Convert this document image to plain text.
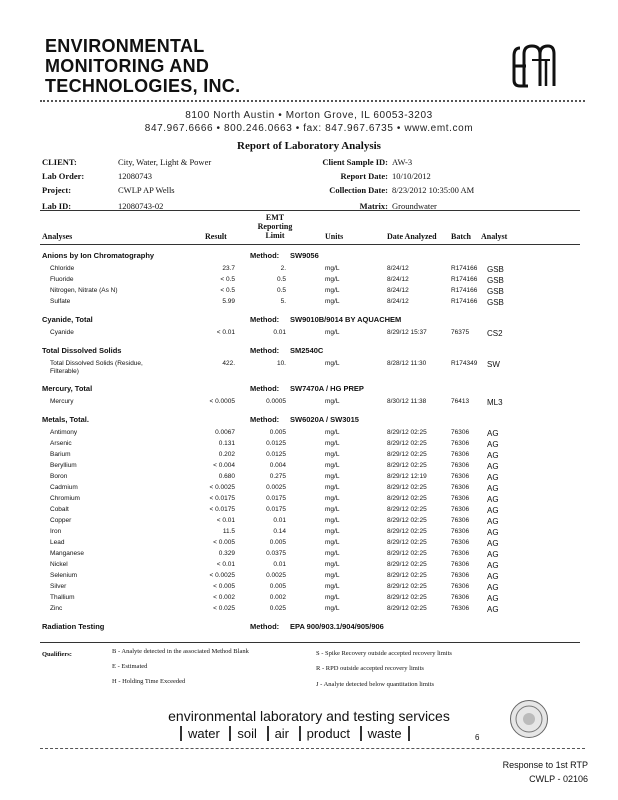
ENVIRONMENTAL
MONITORING AND
TECHNOLOGIES, INC.
8100 North Austin • Morton Grove, IL 60053-3203
847.967.6666 • 800.246.0663 • fax: 847.967.6735 • www.emt.com
Report of Laboratory Analysis
CLIENT:	City, Water, Light & Power
Lab Order:	12080743
Project:	CWLP AP Wells
Lab ID:	12080743-02
Client Sample ID: AW-3
Report Date: 10/10/2012
Collection Date: 8/23/2012 10:35:00 AM
Matrix: Groundwater
Analyses	Result
EMT
Reporting
Limit	Units	Date Analyzed Batch Analyst
Anions by Ion Chromatography	Method: SW9056
Chloride	23.7	2.	mg/L	8/24/12	R174166 GSB
Fluoride	< 0.5	0.5	mg/L	8/24/12	R174166 GSB
Nitrogen, Nitrate (As N)	< 0.5	0.5	mg/L	8/24/12	R174166 GSB
Sulfate	5.99	5.	mg/L	8/24/12	R174166 GSB
Cyanide, Total	Method: SW9010B/9014 BY AQUACHEM
Cyanide	< 0.01	0.01	mg/L	8/29/12 15:37	76375 CS2
Total Dissolved Solids	Method: SM2540C
Total Dissolved Solids (Residue, Filterable)
422.	10.	mg/L	8/28/12 11:30	R174349 SW
Mercury, Total	Method: SW7470A / HG PREP
Mercury	< 0.0005	0.0005	mg/L	8/30/12 11:38	76413 ML3
Metals, Total.	Method: SW6020A / SW3015
Antimony	0.0067	0.005	mg/L	8/29/12 02:25	76306 AG
Arsenic	0.131	0.0125	mg/L	8/29/12 02:25	76306 AG
Barium	0.202	0.0125	mg/L	8/29/12 02:25	76306 AG
Beryllium	< 0.004	0.004	mg/L	8/29/12 02:25	76306 AG
Boron	0.680	0.275	mg/L	8/29/12 12:19	76306 AG
Cadmium	< 0.0025	0.0025	mg/L	8/29/12 02:25	76306 AG
Chromium	< 0.0175	0.0175	mg/L	8/29/12 02:25	76306 AG
Cobalt	< 0.0175	0.0175	mg/L	8/29/12 02:25	76306 AG
Copper	< 0.01	0.01	mg/L	8/29/12 02:25	76306 AG
Iron	11.5	0.14	mg/L	8/29/12 02:25	76306 AG
Lead	< 0.005	0.005	mg/L	8/29/12 02:25	76306 AG
Manganese	0.329	0.0375	mg/L	8/29/12 02:25	76306 AG
Nickel	< 0.01	0.01	mg/L	8/29/12 02:25	76306 AG
Selenium	< 0.0025	0.0025	mg/L	8/29/12 02:25	76306 AG
Silver	< 0.005	0.005	mg/L	8/29/12 02:25	76306 AG
Thallium	< 0.002	0.002	mg/L	8/29/12 02:25	76306 AG
Zinc	< 0.025	0.025	mg/L	8/29/12 02:25	76306 AG
Radiation Testing	Method: EPA 900/903.1/904/905/906
Qualifiers:	B - Analyte detected in the associated Method Blank
E - Estimated
H - Holding Time Exceeded
S - Spike Recovery outside accepted recovery limits
R - RPD outside accepted recovery limits
J - Analyte detected below quantitation limits
environmental laboratory and testing services
water soil air product waste	6
Response to 1st RTP
CWLP - 02106
